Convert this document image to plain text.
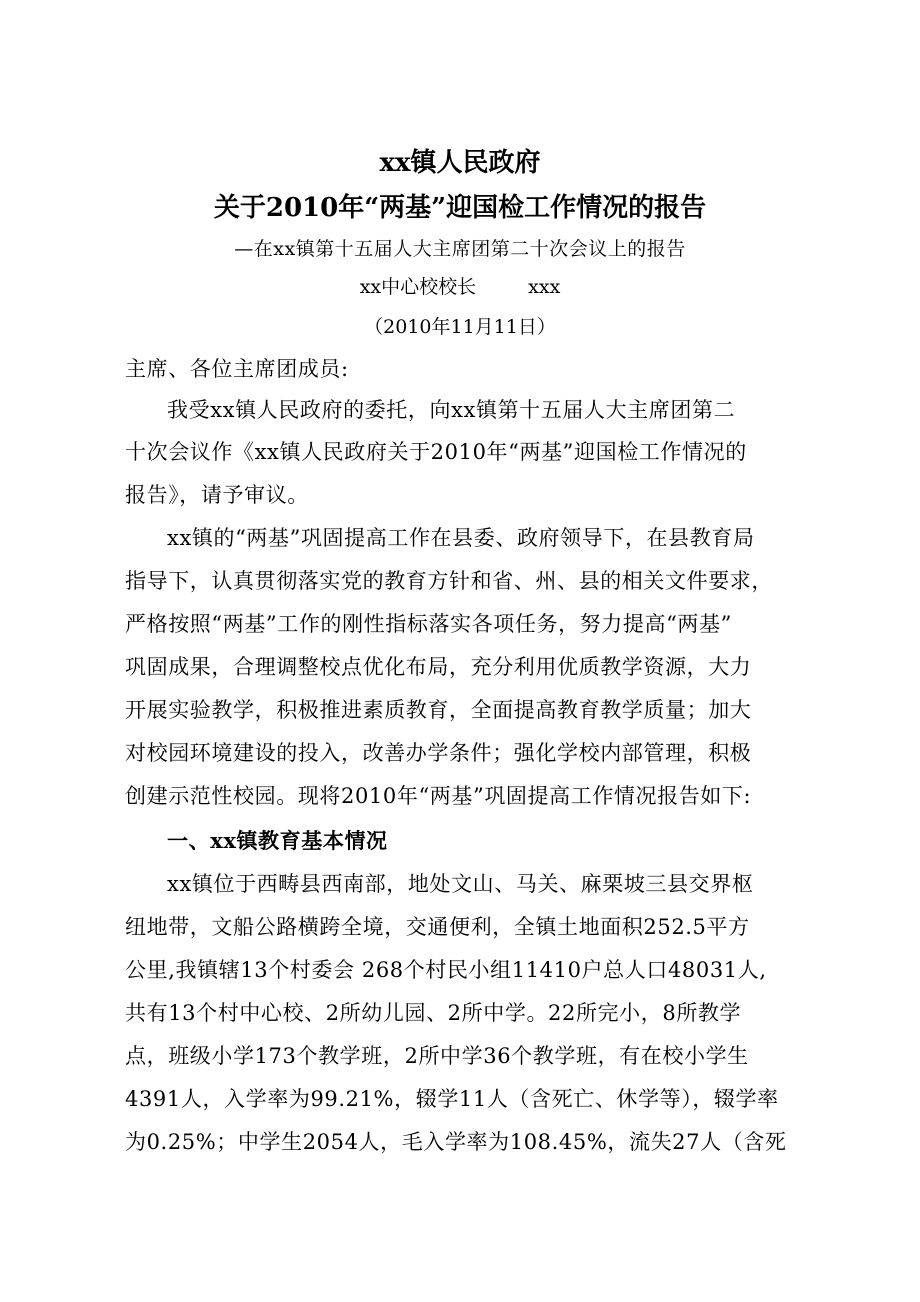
xx镇人民政府
关于2010年“两基”迎国检工作情况的报告
—在xx镇第十五届人大主席团第二十次会议上的报告
xx中心校校长	xxx
（2010年11月11日）
主席、各位主席团成员:
我受xx镇人民政府的委托，向xx镇第十五届人大主席团第二
十次会议作《xx镇人民政府关于2010年“两基”迎国检工作情况的
报告》，请予审议。
xx镇的“两基”巩固提高工作在县委、政府领导下，在县教育局
指导下，认真贯彻落实党的教育方针和省、州、县的相关文件要求，
严格按照“两基”工作的刚性指标落实各项任务，努力提高“两基”
巩固成果，合理调整校点优化布局，充分利用优质教学资源，大力
开展实验教学，积极推进素质教育，全面提高教育教学质量；加大
对校园环境建设的投入，改善办学条件；强化学校内部管理，积极
创建示范性校园。现将2010年“两基”巩固提高工作情况报告如下:
一、xx镇教育基本情况
xx镇位于西畴县西南部，地处文山、马关、麻栗坡三县交界枢
纽地带，文船公路横跨全境，交通便利，全镇土地面积252.5平方
公里,我镇辖13个村委会 268个村民小组11410户总人口48031人,
共有13个村中心校、2所幼儿园、2所中学。22所完小，8所教学
点，班级小学173个教学班，2所中学36个教学班，有在校小学生
4391人，入学率为99.21%，辍学11人（含死亡、休学等），辍学率
为0.25%；中学生2054人，毛入学率为108.45%，流失27人（含死
